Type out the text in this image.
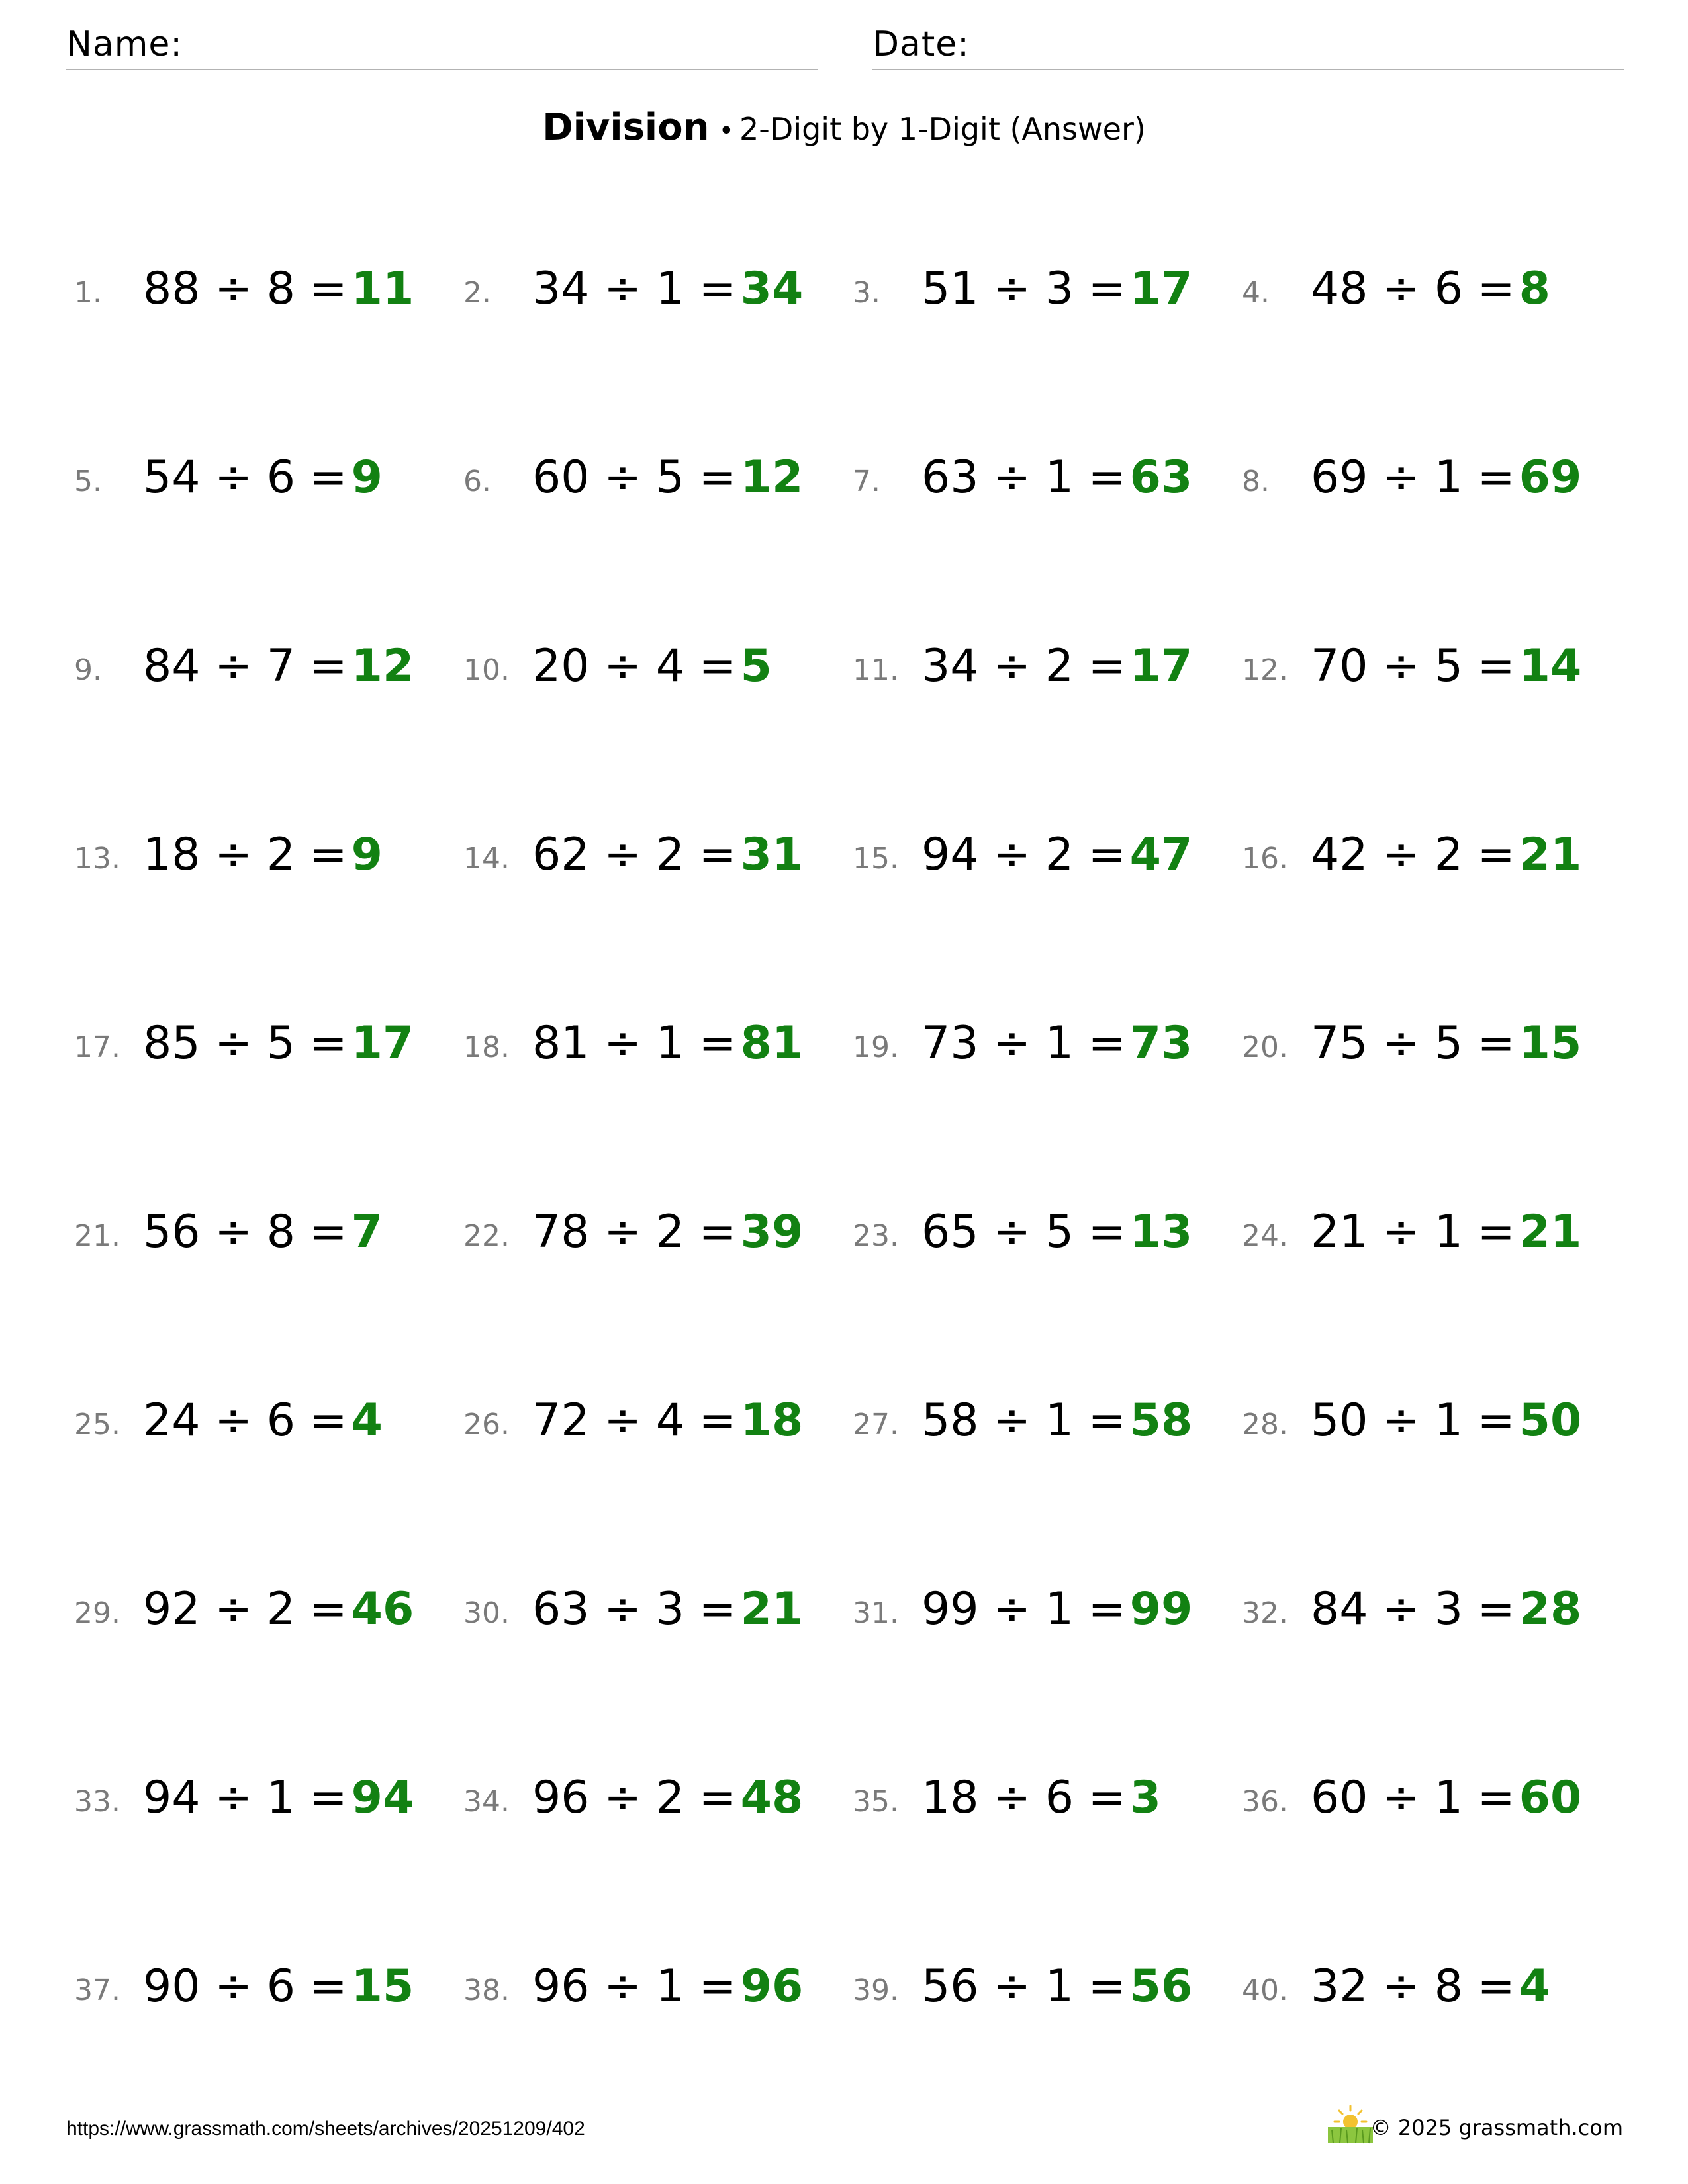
Name:	Date:
Division • 2-Digit by 1-Digit (Answer)
1. 88 ÷ 8 =11 2. 34 ÷ 1 =34 3. 51 ÷ 3 =17 4. 48 ÷ 6 =8
5. 54 ÷ 6 =9	6. 60 ÷ 5 =12 7. 63 ÷ 1 =63 8. 69 ÷ 1 =69
9. 84 ÷ 7 =12 10. 20 ÷ 4 =5	11. 34 ÷ 2 =17 12. 70 ÷ 5 =14
13. 18 ÷ 2 =9	14. 62 ÷ 2 =31 15. 94 ÷ 2 =47 16. 42 ÷ 2 =21
17. 85 ÷ 5 =17 18. 81 ÷ 1 =81 19. 73 ÷ 1 =73 20. 75 ÷ 5 =15
21. 56 ÷ 8 =7	22. 78 ÷ 2 =39 23. 65 ÷ 5 =13 24. 21 ÷ 1 =21
25. 24 ÷ 6 =4	26. 72 ÷ 4 =18 27. 58 ÷ 1 =58 28. 50 ÷ 1 =50
29. 92 ÷ 2 =46 30. 63 ÷ 3 =21 31. 99 ÷ 1 =99 32. 84 ÷ 3 =28
33. 94 ÷ 1 =94 34. 96 ÷ 2 =48 35. 18 ÷ 6 =3	36. 60 ÷ 1 =60
37. 90 ÷ 6 =15 38. 96 ÷ 1 =96 39. 56 ÷ 1 =56 40. 32 ÷ 8 =4
https://www.grassmath.com/sheets/archives/20251209/402	© 2025 grassmath.com
